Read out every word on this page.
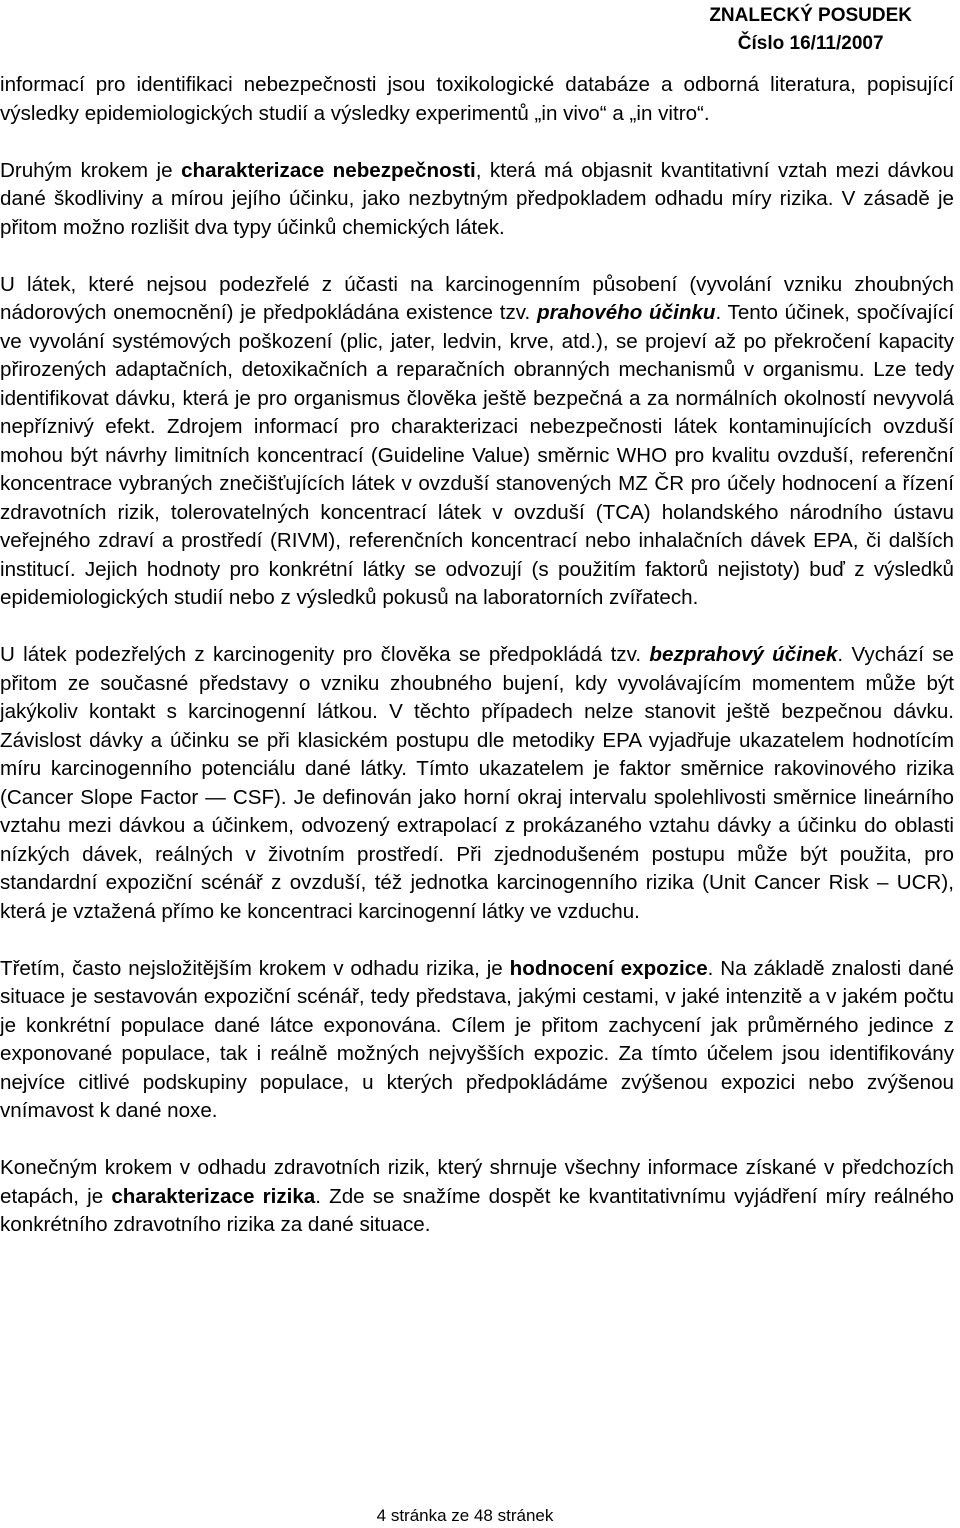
ZNALECKÝ POSUDEK
Číslo 16/11/2007

informací pro identifikaci nebezpečnosti jsou toxikologické databáze a odborná literatura, popisující výsledky epidemiologických studií a výsledky experimentů „in vivo“ a „in vitro“.

Druhým krokem je charakterizace nebezpečnosti, která má objasnit kvantitativní vztah mezi dávkou dané škodliviny a mírou jejího účinku, jako nezbytným předpokladem odhadu míry rizika. V zásadě je přitom možno rozlišit dva typy účinků chemických látek.

U látek, které nejsou podezřelé z účasti na karcinogenním působení (vyvolání vzniku zhoubných nádorových onemocnění) je předpokládána existence tzv. prahového účinku. Tento účinek, spočívající ve vyvolání systémových poškození (plic, jater, ledvin, krve, atd.), se projeví až po překročení kapacity přirozených adaptačních, detoxikačních a reparačních obranných mechanismů v organismu. Lze tedy identifikovat dávku, která je pro organismus člověka ještě bezpečná a za normálních okolností nevyvolá nepříznivý efekt. Zdrojem informací pro charakterizaci nebezpečnosti látek kontaminujících ovzduší mohou být návrhy limitních koncentrací (Guideline Value) směrnic WHO pro kvalitu ovzduší, referenční koncentrace vybraných znečišťujících látek v ovzduší stanovených MZ ČR pro účely hodnocení a řízení zdravotních rizik, tolerovatelných koncentrací látek v ovzduší (TCA) holandského národního ústavu veřejného zdraví a prostředí (RIVM), referenčních koncentrací nebo inhalačních dávek EPA, či dalších institucí. Jejich hodnoty pro konkrétní látky se odvozují (s použitím faktorů nejistoty) buď z výsledků epidemiologických studií nebo z výsledků pokusů na laboratorních zvířatech.

U látek podezřelých z karcinogenity pro člověka se předpokládá tzv. bezprahový účinek. Vychází se přitom ze současné představy o vzniku zhoubného bujení, kdy vyvolávajícím momentem může být jakýkoliv kontakt s karcinogenní látkou. V těchto případech nelze stanovit ještě bezpečnou dávku. Závislost dávky a účinku se při klasickém postupu dle metodiky EPA vyjadřuje ukazatelem hodnotícím míru karcinogenního potenciálu dané látky. Tímto ukazatelem je faktor směrnice rakovinového rizika (Cancer Slope Factor — CSF). Je definován jako horní okraj intervalu spolehlivosti směrnice lineárního vztahu mezi dávkou a účinkem, odvozený extrapolací z prokázaného vztahu dávky a účinku do oblasti nízkých dávek, reálných v životním prostředí. Při zjednodušeném postupu může být použita, pro standardní expoziční scénář z ovzduší, též jednotka karcinogenního rizika (Unit Cancer Risk – UCR), která je vztažená přímo ke koncentraci karcinogenní látky ve vzduchu.

Třetím, často nejsložitějším krokem v odhadu rizika, je hodnocení expozice. Na základě znalosti dané situace je sestavován expoziční scénář, tedy představa, jakými cestami, v jaké intenzitě a v jakém počtu je konkrétní populace dané látce exponována. Cílem je přitom zachycení jak průměrného jedince z exponované populace, tak i reálně možných nejvyšších expozic. Za tímto účelem jsou identifikovány nejvíce citlivé podskupiny populace, u kterých předpokládáme zvýšenou expozici nebo zvýšenou vnímavost k dané noxe.

Konečným krokem v odhadu zdravotních rizik, který shrnuje všechny informace získané v předchozích etapách, je charakterizace rizika. Zde se snažíme dospět ke kvantitativnímu vyjádření míry reálného konkrétního zdravotního rizika za dané situace.

4 stránka ze 48 stránek
